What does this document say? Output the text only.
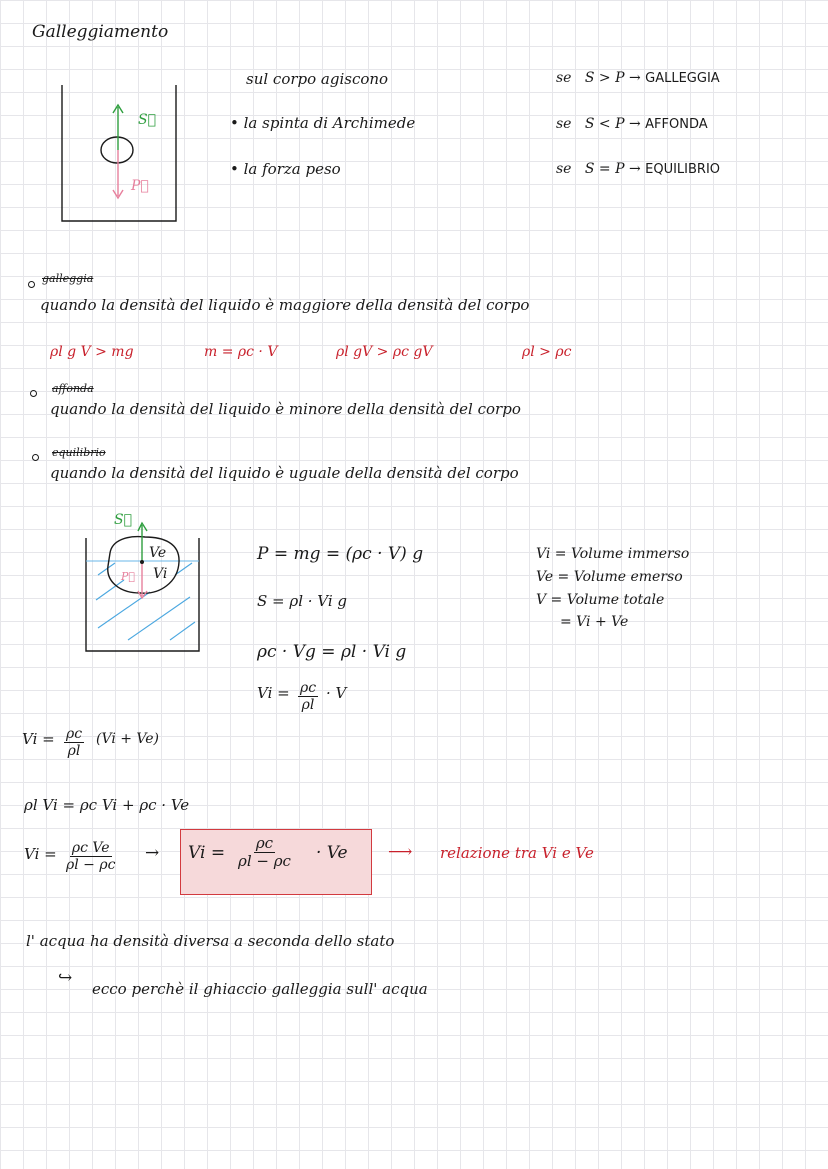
Galleggiamento
S⃗
P⃗
sul corpo agiscono
• la spinta di Archimede
• la forza peso
se S > P → GALLEGGIA
se S < P → AFFONDA
se S = P → EQUILIBRIO
galleggia
quando la densità del liquido è maggiore della densità del corpo
ρl g V > mg	m = ρc · V	ρl gV > ρc gV	ρl > ρc
affonda
quando la densità del liquido è minore della densità del corpo
equilibrio
quando la densità del liquido è uguale della densità del corpo
S⃗
P⃗
Ve
Vi
P = mg = (ρc · V) g
S = ρl · Vi g
ρc · Vg = ρl · Vi g
$Vi = \frac{\rho c}{\rho l} \cdot V$
Vi = Volume immerso
Ve = Volume emerso
V = Volume totale
= Vi + Ve
$Vi = \frac{\rho c}{\rho l} (Vi + Ve)$
ρl Vi = ρc Vi + ρc · Ve
$Vi = \frac{\text{ρc Ve}}{\rho l - \rho c} \to Vi = \frac{\rho c}{\rho l - \rho c} \cdot Ve$ ⟶ relazione tra Vi e Ve
l' acqua ha densità diversa a seconda dello stato
↪
ecco perchè il ghiaccio galleggia sull' acqua
